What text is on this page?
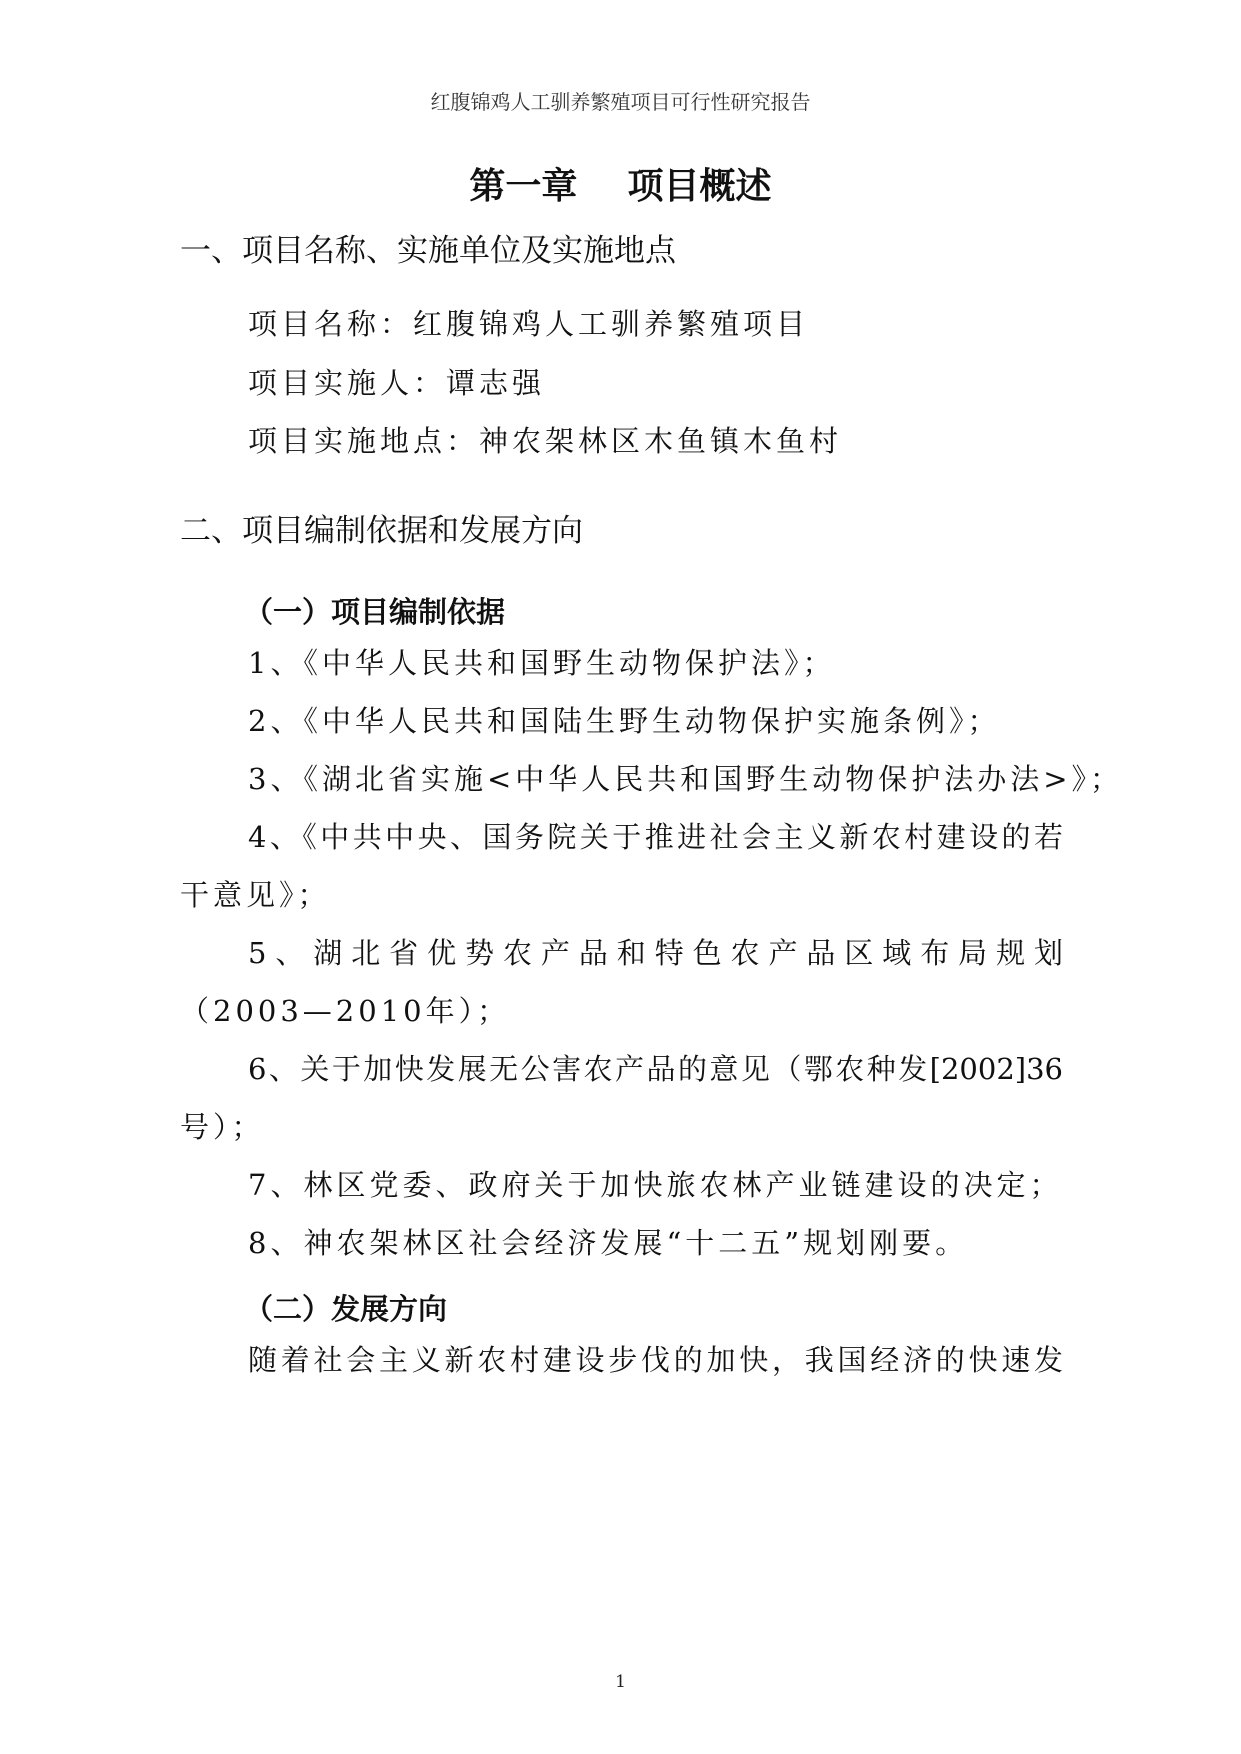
红腹锦鸡人工驯养繁殖项目可行性研究报告
第一章    项目概述
一、项目名称、实施单位及实施地点
项目名称：红腹锦鸡人工驯养繁殖项目
项目实施人：谭志强
项目实施地点：神农架林区木鱼镇木鱼村
二、项目编制依据和发展方向
（一）项目编制依据
1、《中华人民共和国野生动物保护法》；
2、《中华人民共和国陆生野生动物保护实施条例》；
3、《湖北省实施<中华人民共和国野生动物保护法办法>》；
4、《中共中央、国务院关于推进社会主义新农村建设的若
干意见》；
5、湖北省优势农产品和特色农产品区域布局规划
（2003—2010年）；
6、关于加快发展无公害农产品的意见（鄂农种发[2002]36
号）；
7、林区党委、政府关于加快旅农林产业链建设的决定；
8、神农架林区社会经济发展“十二五”规划刚要。
（二）发展方向
随着社会主义新农村建设步伐的加快，我国经济的快速发
1
